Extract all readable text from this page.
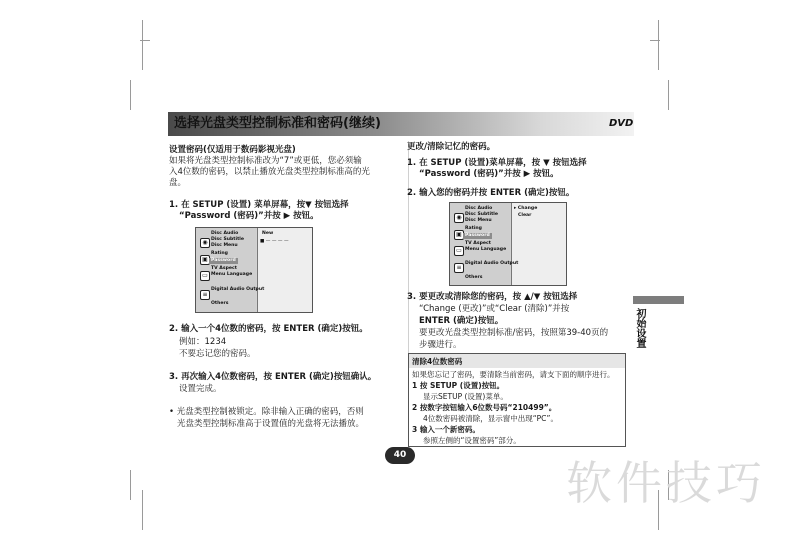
选择光盘类型控制标准和密码(继续)	DVD
设置密码(仅适用于数码影视光盘)
如果将光盘类型控制标准改为“7”或更低，您必须输
入4位数的密码，以禁止播放光盘类型控制标准高的光
盘。
1. 在 SETUP (设置) 菜单屏幕，按▼ 按钮选择
“Password (密码)”并按 ▶ 按钮。
◉
▣
▭
≡
Disc Audio
Disc Subtitle
Disc Menu
Rating
Password
TV Aspect
Menu Language
Digital Audio Output
Others
New
■ — — — —
2. 输入一个4位数的密码，按 ENTER (确定)按钮。
例如：1234
不要忘记您的密码。
3. 再次输入4位数密码，按 ENTER (确定)按钮确认。
设置完成。
• 光盘类型控制被锁定。除非输入正确的密码，否则
光盘类型控制标准高于设置值的光盘将无法播放。
更改/清除记忆的密码。
1. 在 SETUP (设置)菜单屏幕，按 ▼ 按钮选择
“Password (密码)”并按 ▶ 按钮。
2. 输入您的密码并按 ENTER (确定)按钮。
◉
▣
▭
≡
Disc Audio
Disc Subtitle
Disc Menu
Rating
Password
TV Aspect
Menu Language
Digital Audio Output
Others
▸ Change
Clear
3. 要更改或清除您的密码，按 ▲/▼ 按钮选择
“Change (更改)”或“Clear (清除)”并按
ENTER (确定)按钮。
要更改光盘类型控制标准/密码，按照第39-40页的
步骤进行。
清除4位数密码
如果您忘记了密码，要清除当前密码，请支下面的顺序进行。
1 按 SETUP (设置)按钮。
显示SETUP (设置)菜单。
2 按数字按钮输入6位数号码“210499”。
4位数密码被清除，显示窗中出现“PC”。
3 输入一个新密码。
参照左侧的“设置密码”部分。
初始设置
40
软件技巧
